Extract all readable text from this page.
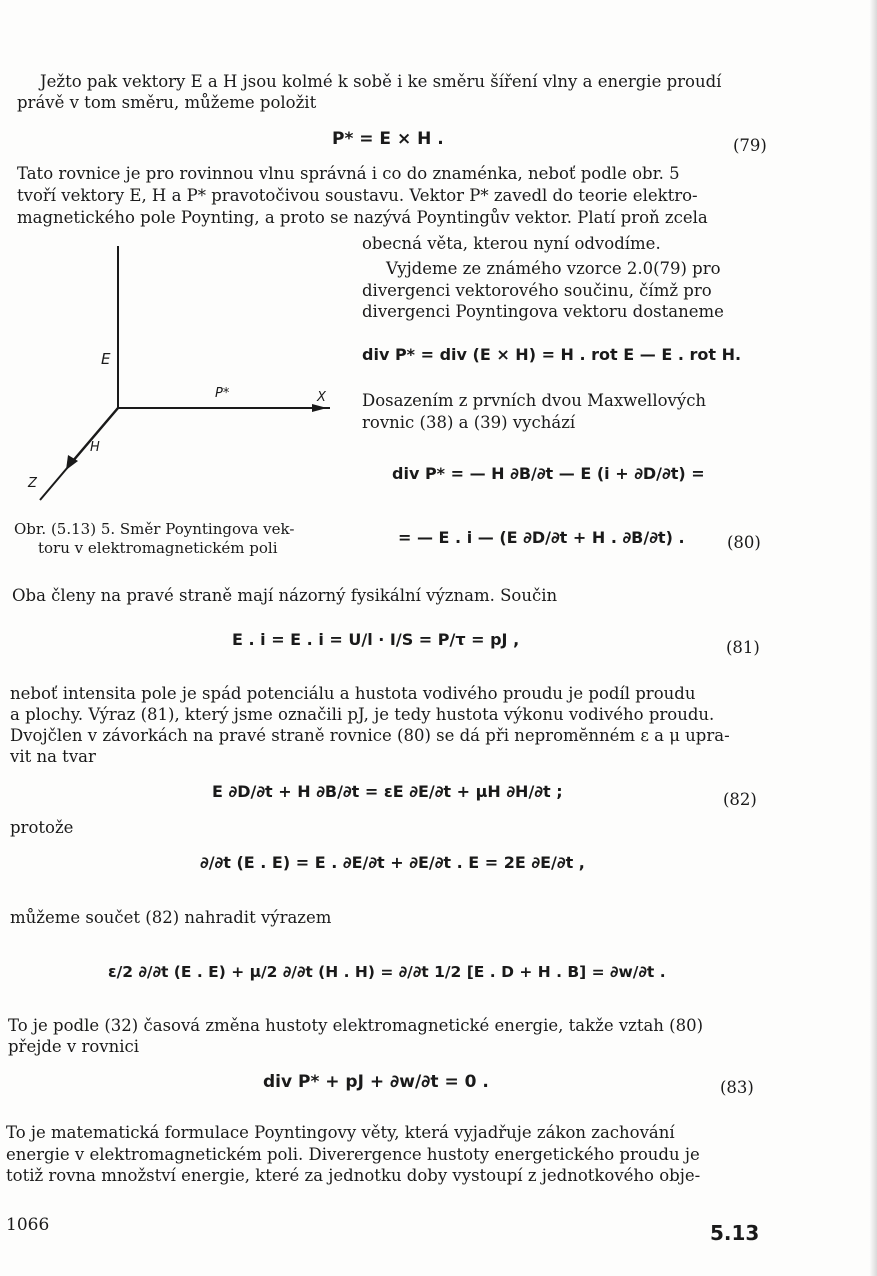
Ježto pak vektory E a H jsou kolmé k sobě i ke směru šíření vlny a energie proudí
právě v tom směru, můžeme položit
P* = E × H .	(79)
Tato rovnice je pro rovinnou vlnu správná i co do znaménka, neboť podle obr. 5
tvoří vektory E, H a P* pravotočivou soustavu. Vektor P* zavedl do teorie elektro-
magnetického pole Poynting, a proto se nazývá Poyntingův vektor. Platí proň zcela
obecná věta, kterou nyní odvodíme.
Vyjdeme ze známého vzorce 2.0(79) pro
divergenci vektorového součinu, čímž pro
divergenci Poyntingova vektoru dostaneme
div P* = div (E × H) = H . rot E — E . rot H.
Dosazením z prvních dvou Maxwellových
rovnic (38) a (39) vychází
div P* = — H ∂B/∂t — E (i + ∂D/∂t) =
= — E . i — (E ∂D/∂t + H . ∂B/∂t) .	(80)
E
P*	X
H
Z
Obr. (5.13) 5. Směr Poyntingova vek-
toru v elektromagnetickém poli
Oba členy na pravé straně mají názorný fysikální význam. Součin
E . i = E . i = U/l · I/S = P/τ = pJ ,	(81)
neboť intensita pole je spád potenciálu a hustota vodivého proudu je podíl proudu
a plochy. Výraz (81), který jsme označili pJ, je tedy hustota výkonu vodivého proudu.
Dvojčlen v závorkách na pravé straně rovnice (80) se dá při nepromĕnném ε a μ upra-
vit na tvar
E ∂D/∂t + H ∂B/∂t = εE ∂E/∂t + μH ∂H/∂t ;	(82)
protože
∂/∂t (E . E) = E . ∂E/∂t + ∂E/∂t . E = 2E ∂E/∂t ,
můžeme součet (82) nahradit výrazem
ε/2 ∂/∂t (E . E) + μ/2 ∂/∂t (H . H) = ∂/∂t 1/2 [E . D + H . B] = ∂w/∂t .
To je podle (32) časová změna hustoty elektromagnetické energie, takže vztah (80)
přejde v rovnici
div P* + pJ + ∂w/∂t = 0 .	(83)
To je matematická formulace Poyntingovy věty, která vyjadřuje zákon zachování
energie v elektromagnetickém poli. Diverergence hustoty energetického proudu je
totiž rovna množství energie, které za jednotku doby vystoupí z jednotkového obje-
1066	5.13
